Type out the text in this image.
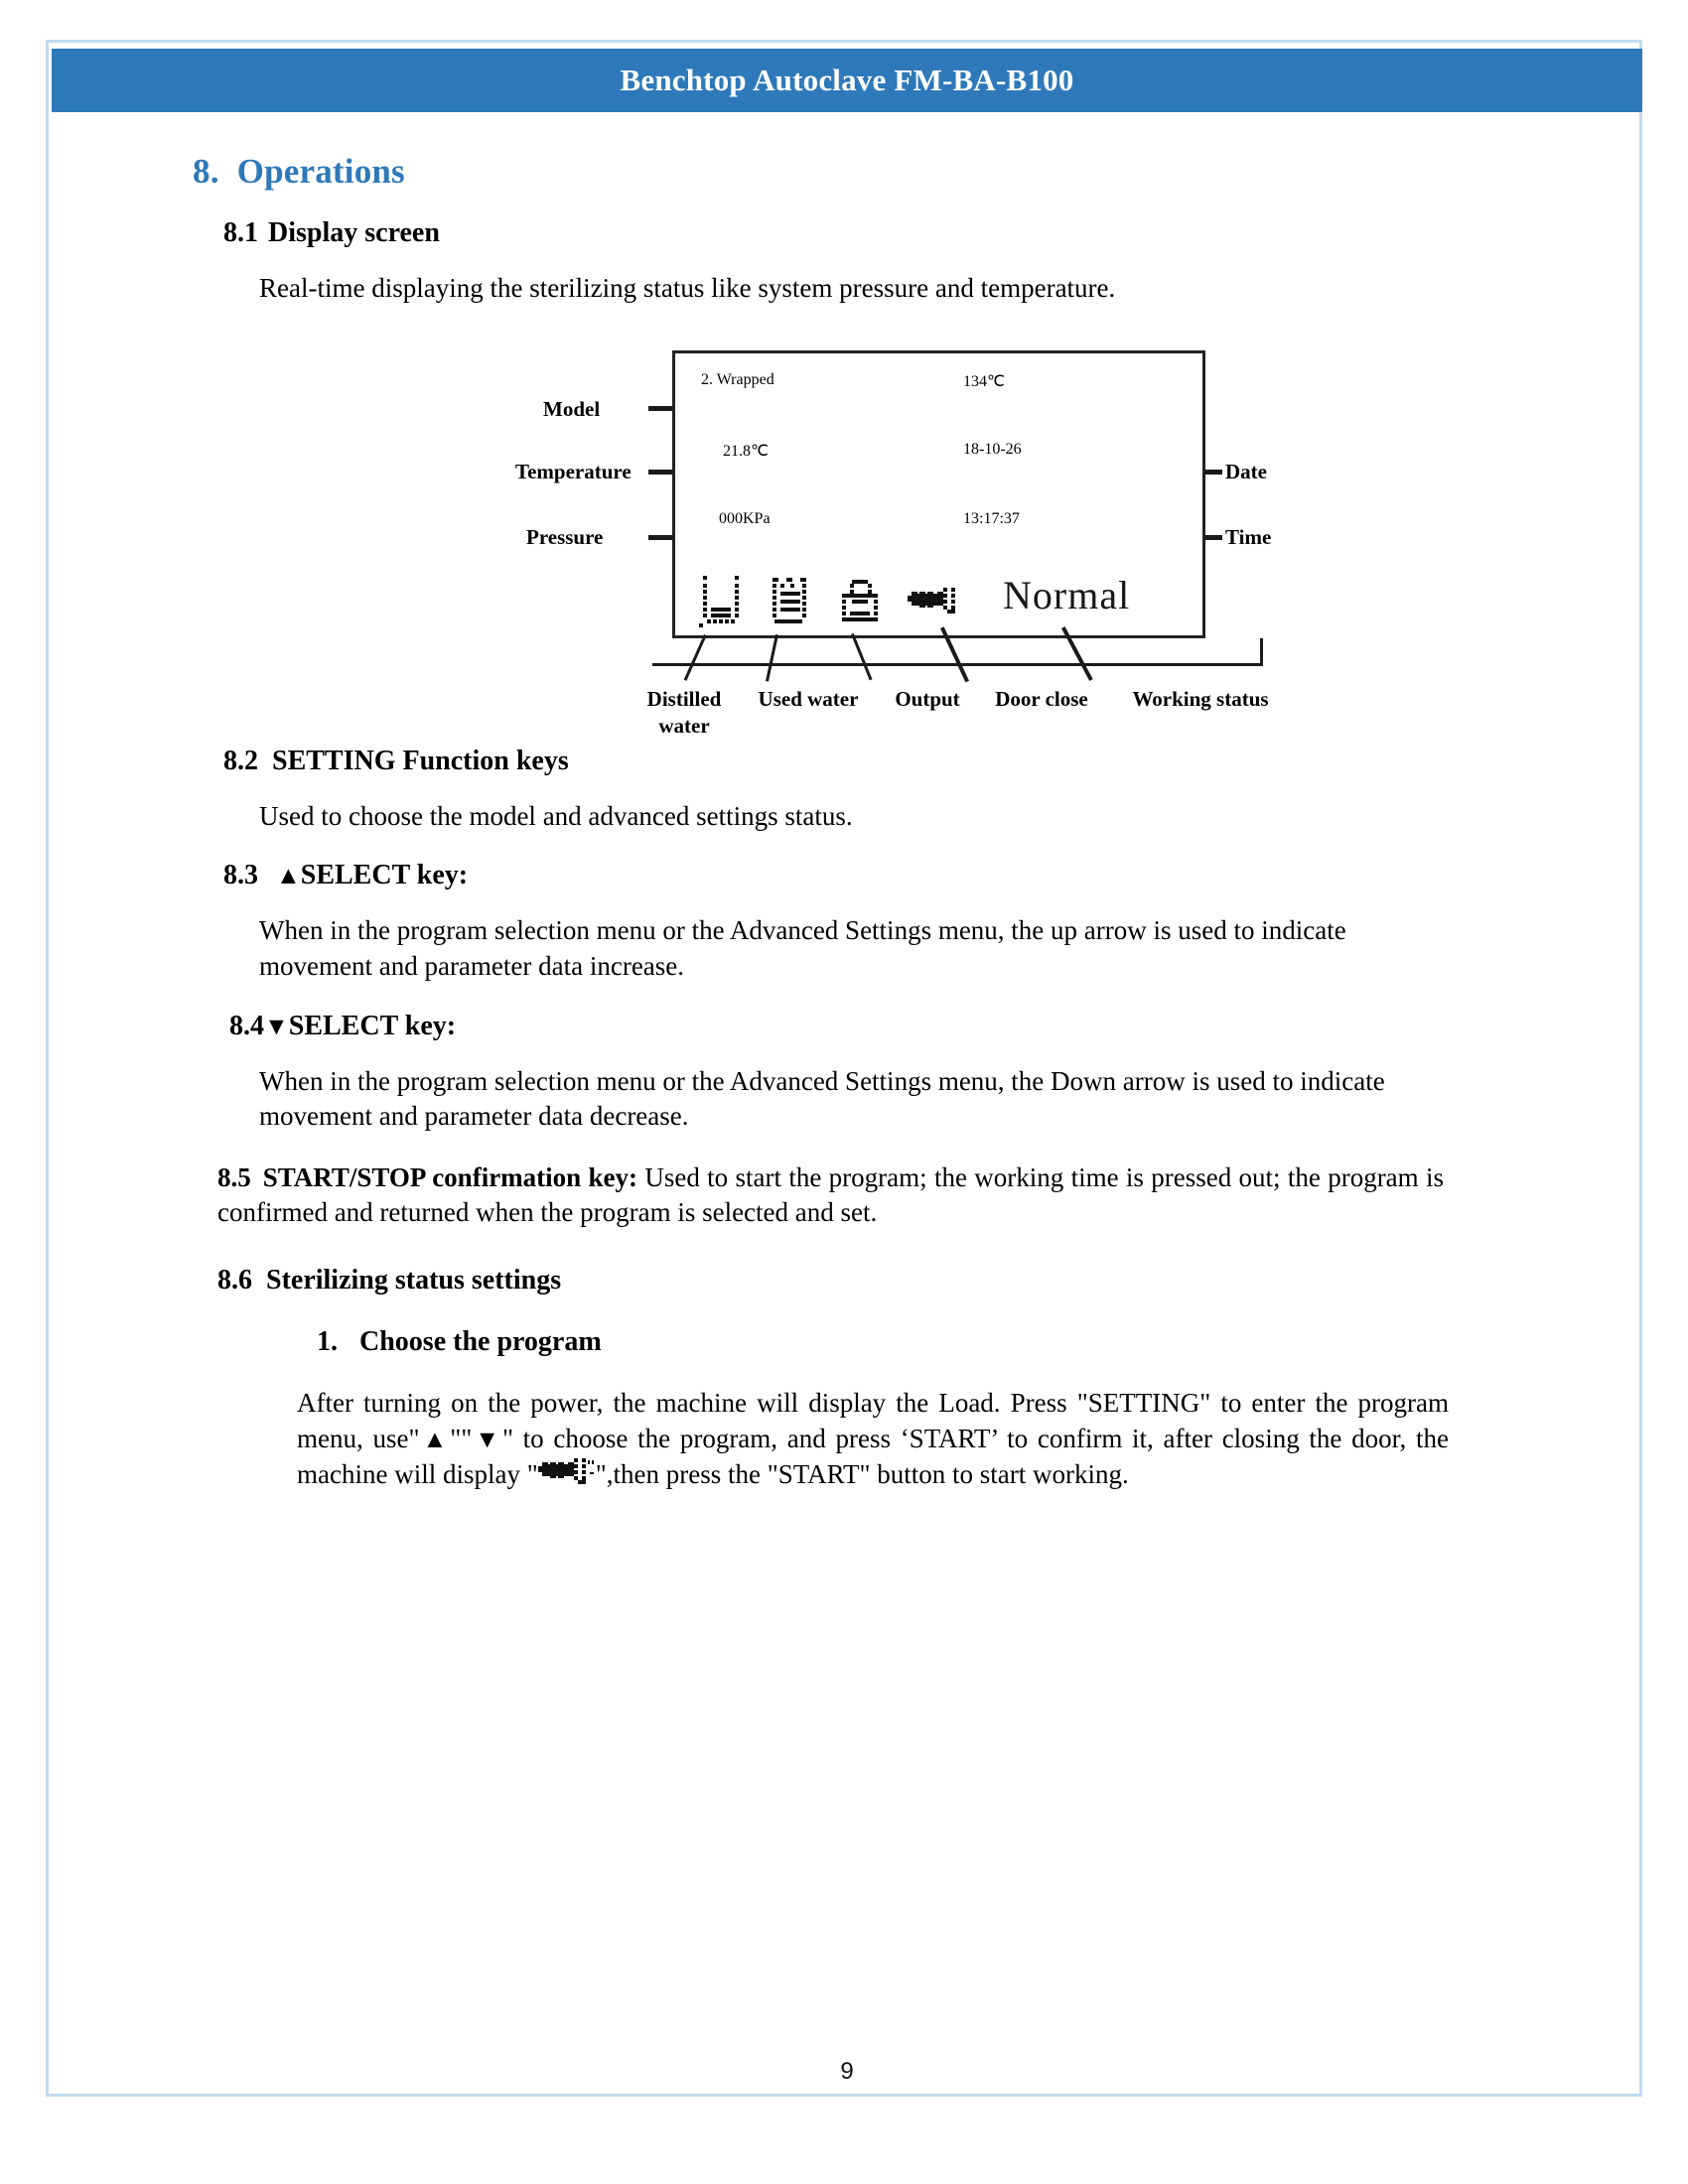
Benchtop Autoclave FM-BA-B100
8. Operations
8.1 Display screen
Real-time displaying the sterilizing status like system pressure and temperature.
Model
Temperature
Pressure
Date
Time
2. Wrapped	134℃
21.8℃	18-10-26
000KPa	13:17:37
Normal
Distilled water
Used water	Output	Door close	Working status
8.2 SETTING Function keys
Used to choose the model and advanced settings status.
8.3 ▲SELECT key:
When in the program selection menu or the Advanced Settings menu, the up arrow is used to indicate movement and parameter data increase.
8.4▼SELECT key:
When in the program selection menu or the Advanced Settings menu, the Down arrow is used to indicate movement and parameter data decrease.
8.5 START/STOP confirmation key: Used to start the program; the working time is pressed out; the program is confirmed and returned when the program is selected and set.
8.6 Sterilizing status settings
1. Choose the program
After turning on the power, the machine will display the Load. Press "SETTING" to enter the program menu, use"▲""▼" to choose the program, and press ‘START’ to confirm it, after closing the door, the machine will display " ",then press the "START" button to start working.
9
